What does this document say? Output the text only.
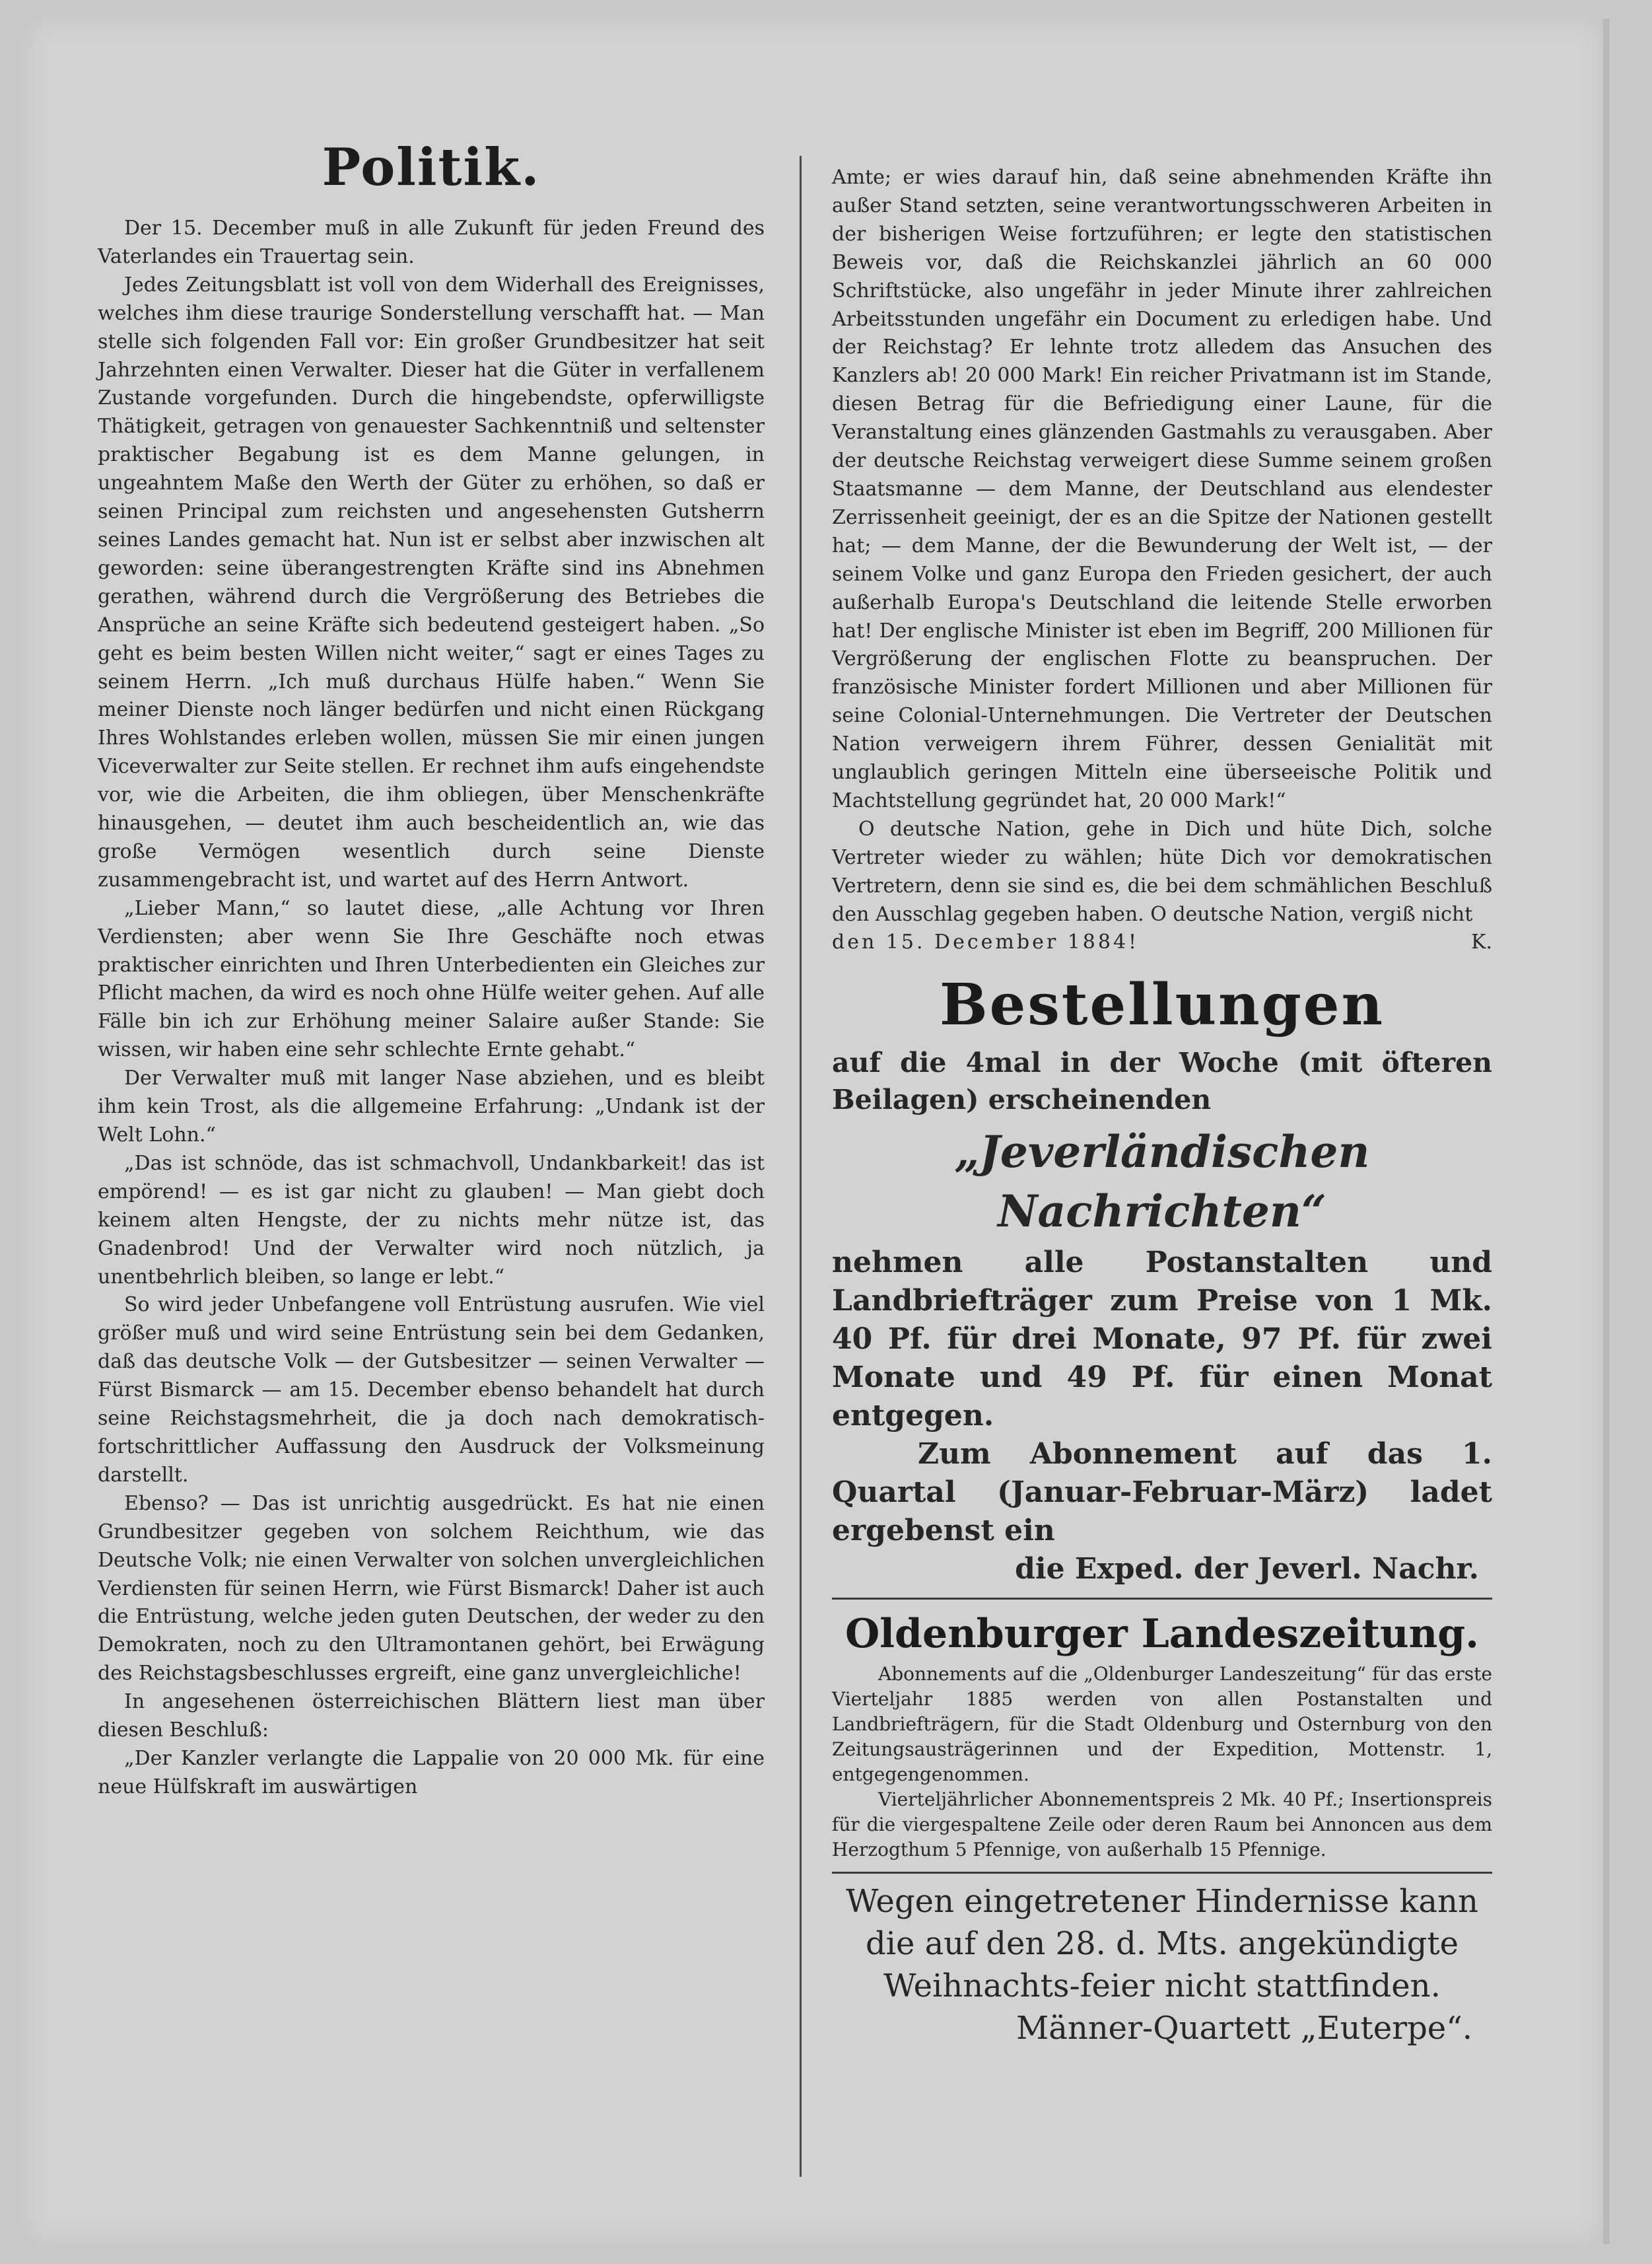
Politik.

Der 15. December muß in alle Zukunft für jeden Freund des Vaterlandes ein Trauertag sein.

Jedes Zeitungsblatt ist voll von dem Widerhall des Ereignisses, welches ihm diese traurige Sonderstellung verschafft hat. — Man stelle sich folgenden Fall vor: Ein großer Grundbesitzer hat seit Jahrzehnten einen Verwalter. Dieser hat die Güter in verfallenem Zustande vorgefunden. Durch die hingebendste, opferwilligste Thätigkeit, getragen von genauester Sachkenntniß und seltenster praktischer Begabung ist es dem Manne gelungen, in ungeahntem Maße den Werth der Güter zu erhöhen, so daß er seinen Principal zum reichsten und angesehensten Gutsherrn seines Landes gemacht hat. Nun ist er selbst aber inzwischen alt geworden: seine überangestrengten Kräfte sind ins Abnehmen gerathen, während durch die Vergrößerung des Betriebes die Ansprüche an seine Kräfte sich bedeutend gesteigert haben. „So geht es beim besten Willen nicht weiter,“ sagt er eines Tages zu seinem Herrn. „Ich muß durchaus Hülfe haben.“ Wenn Sie meiner Dienste noch länger bedürfen und nicht einen Rückgang Ihres Wohlstandes erleben wollen, müssen Sie mir einen jungen Viceverwalter zur Seite stellen. Er rechnet ihm aufs eingehendste vor, wie die Arbeiten, die ihm obliegen, über Menschenkräfte hinausgehen, — deutet ihm auch bescheidentlich an, wie das große Vermögen wesentlich durch seine Dienste zusammengebracht ist, und wartet auf des Herrn Antwort.

„Lieber Mann,“ so lautet diese, „alle Achtung vor Ihren Verdiensten; aber wenn Sie Ihre Geschäfte noch etwas praktischer einrichten und Ihren Unterbedienten ein Gleiches zur Pflicht machen, da wird es noch ohne Hülfe weiter gehen. Auf alle Fälle bin ich zur Erhöhung meiner Salaire außer Stande: Sie wissen, wir haben eine sehr schlechte Ernte gehabt.“

Der Verwalter muß mit langer Nase abziehen, und es bleibt ihm kein Trost, als die allgemeine Erfahrung: „Undank ist der Welt Lohn.“

„Das ist schnöde, das ist schmachvoll, Undankbarkeit! das ist empörend! — es ist gar nicht zu glauben! — Man giebt doch keinem alten Hengste, der zu nichts mehr nütze ist, das Gnadenbrod! Und der Verwalter wird noch nützlich, ja unentbehrlich bleiben, so lange er lebt.“

So wird jeder Unbefangene voll Entrüstung ausrufen. Wie viel größer muß und wird seine Entrüstung sein bei dem Gedanken, daß das deutsche Volk — der Gutsbesitzer — seinen Verwalter — Fürst Bismarck — am 15. December ebenso behandelt hat durch seine Reichstagsmehrheit, die ja doch nach demokratisch-fortschrittlicher Auffassung den Ausdruck der Volksmeinung darstellt.

Ebenso? — Das ist unrichtig ausgedrückt. Es hat nie einen Grundbesitzer gegeben von solchem Reichthum, wie das Deutsche Volk; nie einen Verwalter von solchen unvergleichlichen Verdiensten für seinen Herrn, wie Fürst Bismarck! Daher ist auch die Entrüstung, welche jeden guten Deutschen, der weder zu den Demokraten, noch zu den Ultramontanen gehört, bei Erwägung des Reichstagsbeschlusses ergreift, eine ganz unvergleichliche!

In angesehenen österreichischen Blättern liest man über diesen Beschluß:

„Der Kanzler verlangte die Lappalie von 20 000 Mk. für eine neue Hülfskraft im auswärtigen

Amte; er wies darauf hin, daß seine abnehmenden Kräfte ihn außer Stand setzten, seine verantwortungsschweren Arbeiten in der bisherigen Weise fortzuführen; er legte den statistischen Beweis vor, daß die Reichskanzlei jährlich an 60 000 Schriftstücke, also ungefähr in jeder Minute ihrer zahlreichen Arbeitsstunden ungefähr ein Document zu erledigen habe. Und der Reichstag? Er lehnte trotz alledem das Ansuchen des Kanzlers ab! 20 000 Mark! Ein reicher Privatmann ist im Stande, diesen Betrag für die Befriedigung einer Laune, für die Veranstaltung eines glänzenden Gastmahls zu verausgaben. Aber der deutsche Reichstag verweigert diese Summe seinem großen Staatsmanne — dem Manne, der Deutschland aus elendester Zerrissenheit geeinigt, der es an die Spitze der Nationen gestellt hat; — dem Manne, der die Bewunderung der Welt ist, — der seinem Volke und ganz Europa den Frieden gesichert, der auch außerhalb Europa's Deutschland die leitende Stelle erworben hat! Der englische Minister ist eben im Begriff, 200 Millionen für Vergrößerung der englischen Flotte zu beanspruchen. Der französische Minister fordert Millionen und aber Millionen für seine Colonial-Unternehmungen. Die Vertreter der Deutschen Nation verweigern ihrem Führer, dessen Genialität mit unglaublich geringen Mitteln eine überseeische Politik und Machtstellung gegründet hat, 20 000 Mark!“

O deutsche Nation, gehe in Dich und hüte Dich, solche Vertreter wieder zu wählen; hüte Dich vor demokratischen Vertretern, denn sie sind es, die bei dem schmählichen Beschluß den Ausschlag gegeben haben. O deutsche Nation, vergiß nicht

den 15. December 1884!	K.
Bestellungen

auf die 4mal in der Woche (mit öfteren Beilagen) erscheinenden

„Jeverländischen Nachrichten“

nehmen alle Postanstalten und Landbriefträger zum Preise von 1 Mk. 40 Pf. für drei Monate, 97 Pf. für zwei Monate und 49 Pf. für einen Monat entgegen.

Zum Abonnement auf das 1. Quartal (Januar-Februar-März) ladet ergebenst ein

die Exped. der Jeverl. Nachr.

Oldenburger Landeszeitung.

Abonnements auf die „Oldenburger Landeszeitung“ für das erste Vierteljahr 1885 werden von allen Postanstalten und Landbriefträgern, für die Stadt Oldenburg und Osternburg von den Zeitungsausträgerinnen und der Expedition, Mottenstr. 1, entgegengenommen.

Vierteljährlicher Abonnementspreis 2 Mk. 40 Pf.; Insertionspreis für die viergespaltene Zeile oder deren Raum bei Annoncen aus dem Herzogthum 5 Pfennige, von außerhalb 15 Pfennige.

Wegen eingetretener Hindernisse kann die auf den 28. d. Mts. angekündigte Weihnachts-feier nicht stattfinden.

Männer-Quartett „Euterpe“.
